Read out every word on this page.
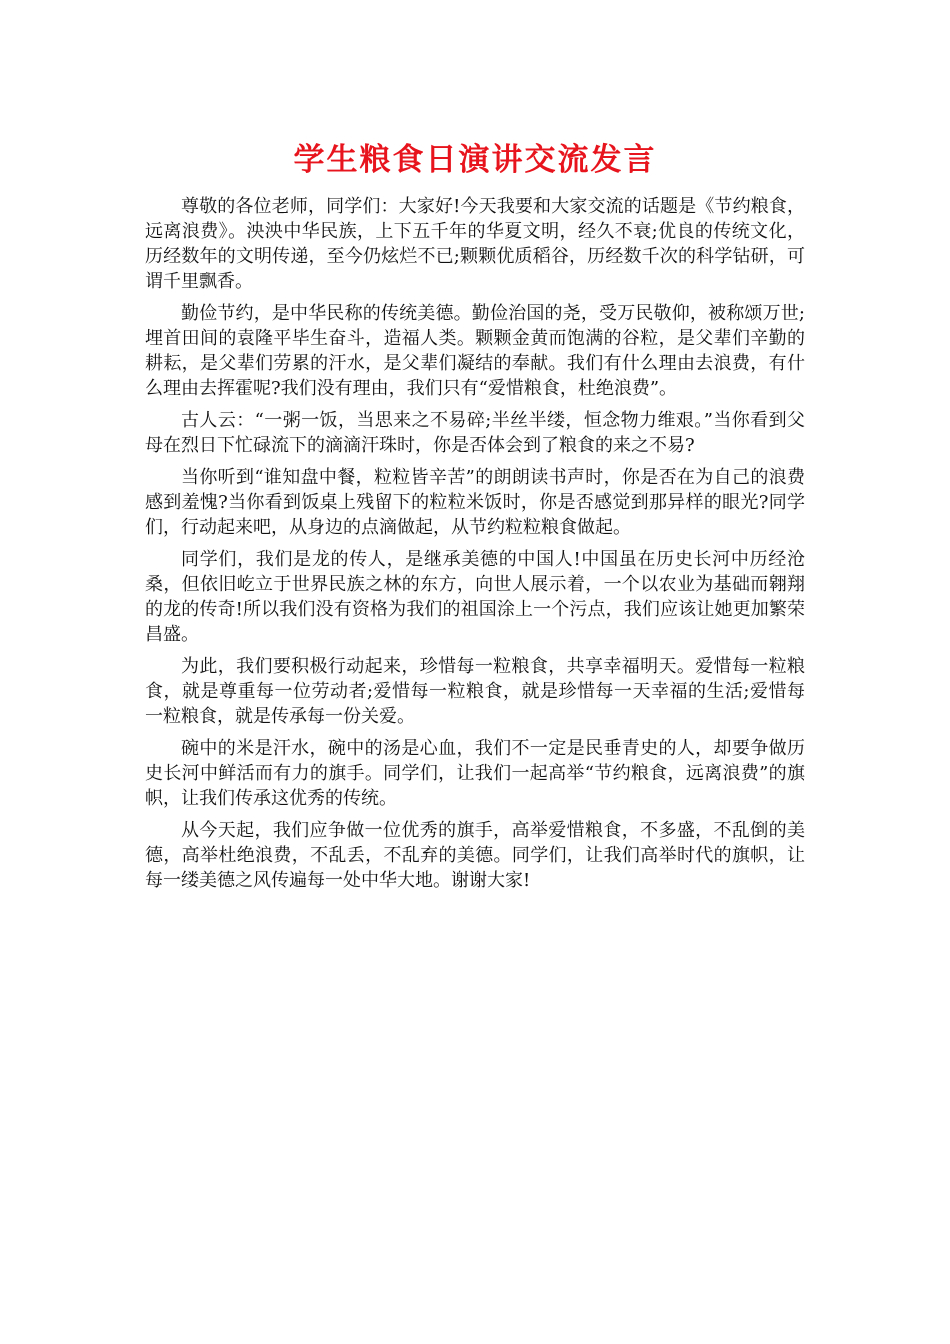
学生粮食日演讲交流发言

尊敬的各位老师，同学们：大家好!今天我要和大家交流的话题是《节约粮食，远离浪费》。泱泱中华民族，上下五千年的华夏文明，经久不衰;优良的传统文化，历经数年的文明传递，至今仍炫烂不已;颗颗优质稻谷，历经数千次的科学钻研，可谓千里飘香。

勤俭节约，是中华民称的传统美德。勤俭治国的尧，受万民敬仰，被称颂万世;埋首田间的袁隆平毕生奋斗，造福人类。颗颗金黄而饱满的谷粒，是父辈们辛勤的耕耘，是父辈们劳累的汗水，是父辈们凝结的奉献。我们有什么理由去浪费，有什么理由去挥霍呢?我们没有理由，我们只有“爱惜粮食，杜绝浪费”。

古人云：“一粥一饭，当思来之不易碎;半丝半缕，恒念物力维艰。”当你看到父母在烈日下忙碌流下的滴滴汗珠时，你是否体会到了粮食的来之不易?

当你听到“谁知盘中餐，粒粒皆辛苦”的朗朗读书声时，你是否在为自己的浪费感到羞愧?当你看到饭桌上残留下的粒粒米饭时，你是否感觉到那异样的眼光?同学们，行动起来吧，从身边的点滴做起，从节约粒粒粮食做起。

同学们，我们是龙的传人，是继承美德的中国人!中国虽在历史长河中历经沧桑，但依旧屹立于世界民族之林的东方，向世人展示着，一个以农业为基础而翱翔的龙的传奇!所以我们没有资格为我们的祖国涂上一个污点，我们应该让她更加繁荣昌盛。

为此，我们要积极行动起来，珍惜每一粒粮食，共享幸福明天。爱惜每一粒粮食，就是尊重每一位劳动者;爱惜每一粒粮食，就是珍惜每一天幸福的生活;爱惜每一粒粮食，就是传承每一份关爱。

碗中的米是汗水，碗中的汤是心血，我们不一定是民垂青史的人，却要争做历史长河中鲜活而有力的旗手。同学们，让我们一起高举“节约粮食，远离浪费”的旗帜，让我们传承这优秀的传统。

从今天起，我们应争做一位优秀的旗手，高举爱惜粮食，不多盛，不乱倒的美德，高举杜绝浪费，不乱丢，不乱弃的美德。同学们，让我们高举时代的旗帜，让每一缕美德之风传遍每一处中华大地。谢谢大家!
